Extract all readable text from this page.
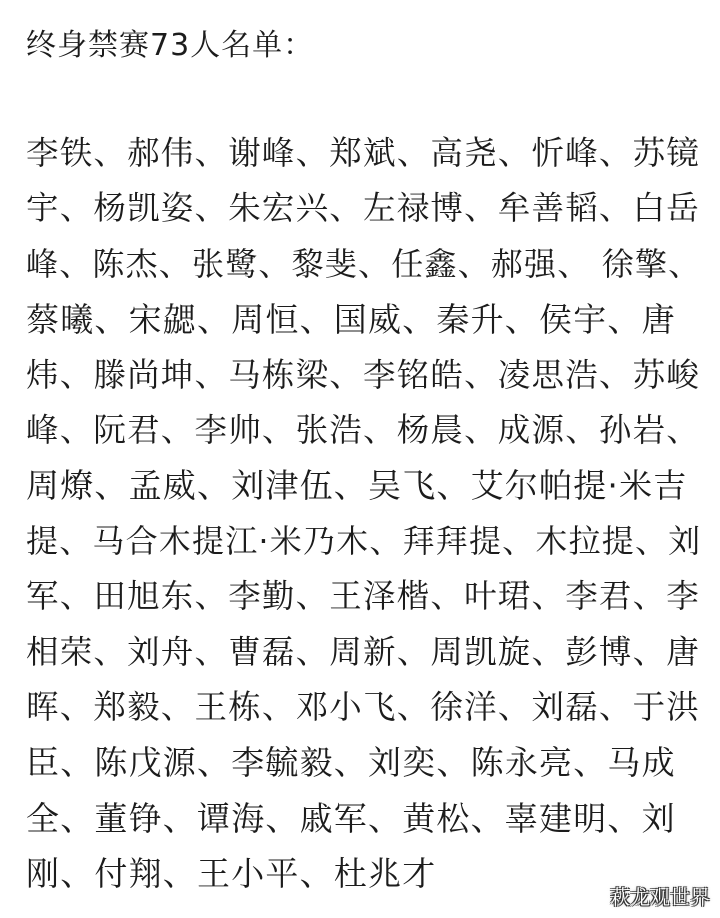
终身禁赛73人名单：
李铁、郝伟、谢峰、郑斌、高尧、忻峰、苏镜
宇、杨凯姿、朱宏兴、左禄博、牟善韬、白岳
峰、陈杰、张鹭、黎斐、任鑫、郝强、 徐擎、
蔡曦、宋勰、周恒、国威、秦升、侯宇、唐
炜、滕尚坤、马栋梁、李铭皓、凌思浩、苏峻
峰、阮君、李帅、张浩、杨晨、成源、孙岩、
周燎、孟威、刘津伍、吴飞、艾尔帕提·米吉
提、马合木提江·米乃木、拜拜提、木拉提、刘
军、田旭东、李勤、王泽楷、叶珺、李君、李
相荣、刘舟、曹磊、周新、周凯旋、彭博、唐
晖、郑毅、王栋、邓小飞、徐洋、刘磊、于洪
臣、陈戊源、李毓毅、刘奕、陈永亮、马成
全、董铮、谭海、戚军、黄松、辜建明、刘
刚、付翔、王小平、杜兆才
萩龙观世界
